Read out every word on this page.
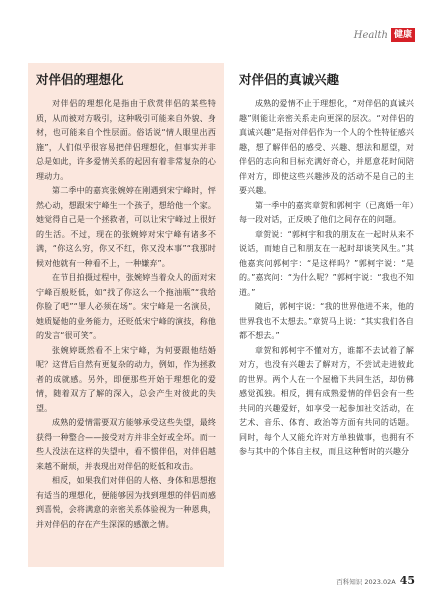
Health 健康
对伴侣的理想化

对伴侣的理想化是指由于欣赏伴侣的某些特质，从而被对方吸引，这种吸引可能来自外貌、身材，也可能来自个性层面。俗话说“情人眼里出西施”，人们似乎很容易把伴侣理想化，但事实并非总是如此，许多爱情关系的起因有着非常复杂的心理动力。

第二季中的嘉宾张婉婷在刚遇到宋宁峰时，怦然心动，想跟宋宁峰生一个孩子，想给他一个家。她觉得自己是一个拯救者，可以让宋宁峰过上很好的生活。不过，现在的张婉婷对宋宁峰有诸多不满，“你这么穷，你又不红，你又没本事”“我那时候对他就有一种看不上，一种嫌弃”。

在节目拍摄过程中，张婉婷当着众人的面对宋宁峰百般贬低，如“找了你这么一个拖油瓶”“我给你脸了吧”“罪人必须在场”。宋宁峰是一名演员，她质疑他的业务能力，还贬低宋宁峰的演技，称他的发言“很可笑”。

张婉婷既然看不上宋宁峰，为何要跟他结婚呢？这背后自然有更复杂的动力，例如，作为拯救者的成就感。另外，即便那些开始于理想化的爱情，随着双方了解的深入，总会产生对彼此的失望。

成熟的爱情需要双方能够承受这些失望，最终获得一种整合——接受对方并非全好或全坏。而一些人没法在这样的失望中，看不惯伴侣，对伴侣越来越不耐烦，并表现出对伴侣的贬低和攻击。

相反，如果我们对伴侣的人格、身体和思想抱有适当的理想化，便能够因为找到理想的伴侣而感到喜悦，会将满意的亲密关系体验视为一种恩典，并对伴侣的存在产生深深的感激之情。

对伴侣的真诚兴趣

成熟的爱情不止于理想化，“对伴侣的真诚兴趣”则能让亲密关系走向更深的层次。“对伴侣的真诚兴趣”是指对伴侣作为一个人的个性特征感兴趣，想了解伴侣的感受、兴趣、想法和愿望，对伴侣的志向和目标充满好奇心，并愿意花时间陪伴对方，即使这些兴趣涉及的活动不是自己的主要兴趣。

第一季中的嘉宾章贺和郭柯宇（已离婚一年）每一段对话，正反映了他们之间存在的问题。

章贺说：“郭柯宇和我的朋友在一起时从来不说话，而她自己和朋友在一起时却谈笑风生。”其他嘉宾问郭柯宇：“是这样吗？”郭柯宇说：“是的。”嘉宾问：“为什么呢？”郭柯宇说：“我也不知道。”

随后，郭柯宇说：“我的世界他进不来，他的世界我也不太想去。”章贺马上说：“其实我们各自都不想去。”

章贺和郭柯宇不懂对方，谁都不去试着了解对方，也没有兴趣去了解对方，不尝试走进彼此的世界。两个人在一个屋檐下共同生活，却仿佛感觉孤独。相反，拥有成熟爱情的伴侣会有一些共同的兴趣爱好，如享受一起参加社交活动，在艺术、音乐、体育、政治等方面有共同的话题。同时，每个人又能允许对方单独做事，也拥有不参与其中的个体自主权，而且这种暂时的兴趣分

百科知识 2023.02A 45
